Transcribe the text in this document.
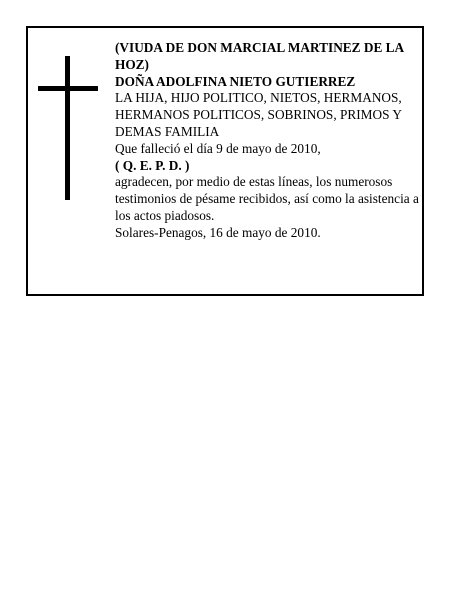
(VIUDA DE DON MARCIAL MARTINEZ DE LA HOZ)
DOÑA ADOLFINA NIETO GUTIERREZ
LA HIJA, HIJO POLITICO, NIETOS, HERMANOS, HERMANOS POLITICOS, SOBRINOS, PRIMOS Y DEMAS FAMILIA
Que falleció el día 9 de mayo de 2010,
( Q. E. P. D. )
agradecen, por medio de estas líneas, los numerosos testimonios de pésame recibidos, así como la asistencia a los actos piadosos.
Solares-Penagos, 16 de mayo de 2010.
